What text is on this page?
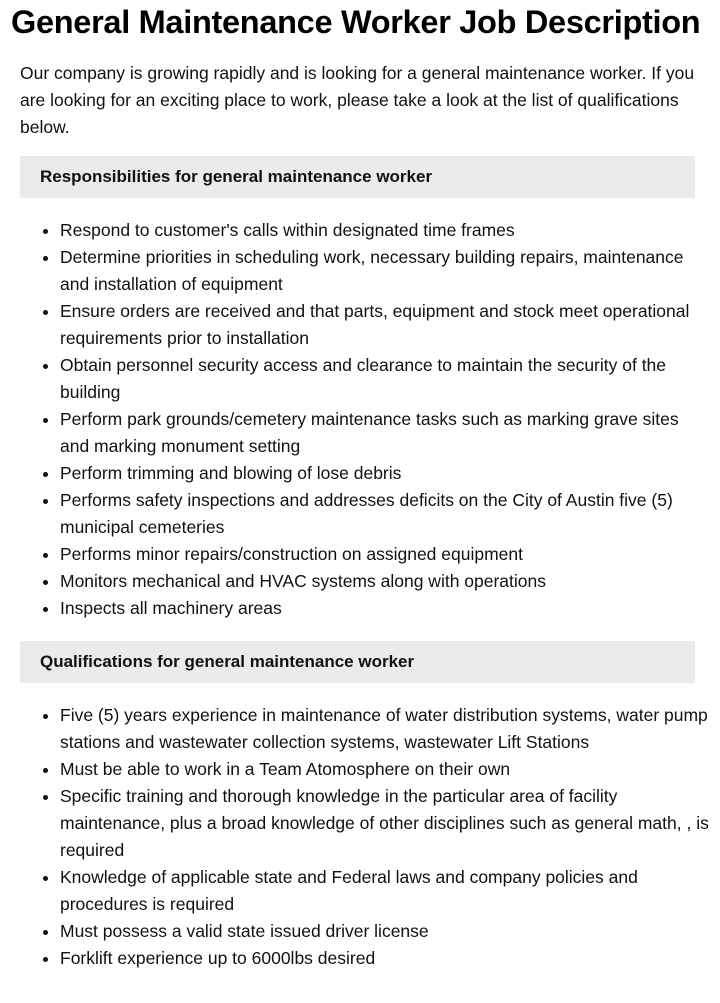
General Maintenance Worker Job Description

Our company is growing rapidly and is looking for a general maintenance worker. If you are looking for an exciting place to work, please take a look at the list of qualifications below.

Responsibilities for general maintenance worker
Respond to customer's calls within designated time frames
Determine priorities in scheduling work, necessary building repairs, maintenance and installation of equipment
Ensure orders are received and that parts, equipment and stock meet operational requirements prior to installation
Obtain personnel security access and clearance to maintain the security of the building
Perform park grounds/cemetery maintenance tasks such as marking grave sites and marking monument setting
Perform trimming and blowing of lose debris
Performs safety inspections and addresses deficits on the City of Austin five (5) municipal cemeteries
Performs minor repairs/construction on assigned equipment
Monitors mechanical and HVAC systems along with operations
Inspects all machinery areas
Qualifications for general maintenance worker
Five (5) years experience in maintenance of water distribution systems, water pump stations and wastewater collection systems, wastewater Lift Stations
Must be able to work in a Team Atomosphere on their own
Specific training and thorough knowledge in the particular area of facility maintenance, plus a broad knowledge of other disciplines such as general math, , is required
Knowledge of applicable state and Federal laws and company policies and procedures is required
Must possess a valid state issued driver license
Forklift experience up to 6000lbs desired
